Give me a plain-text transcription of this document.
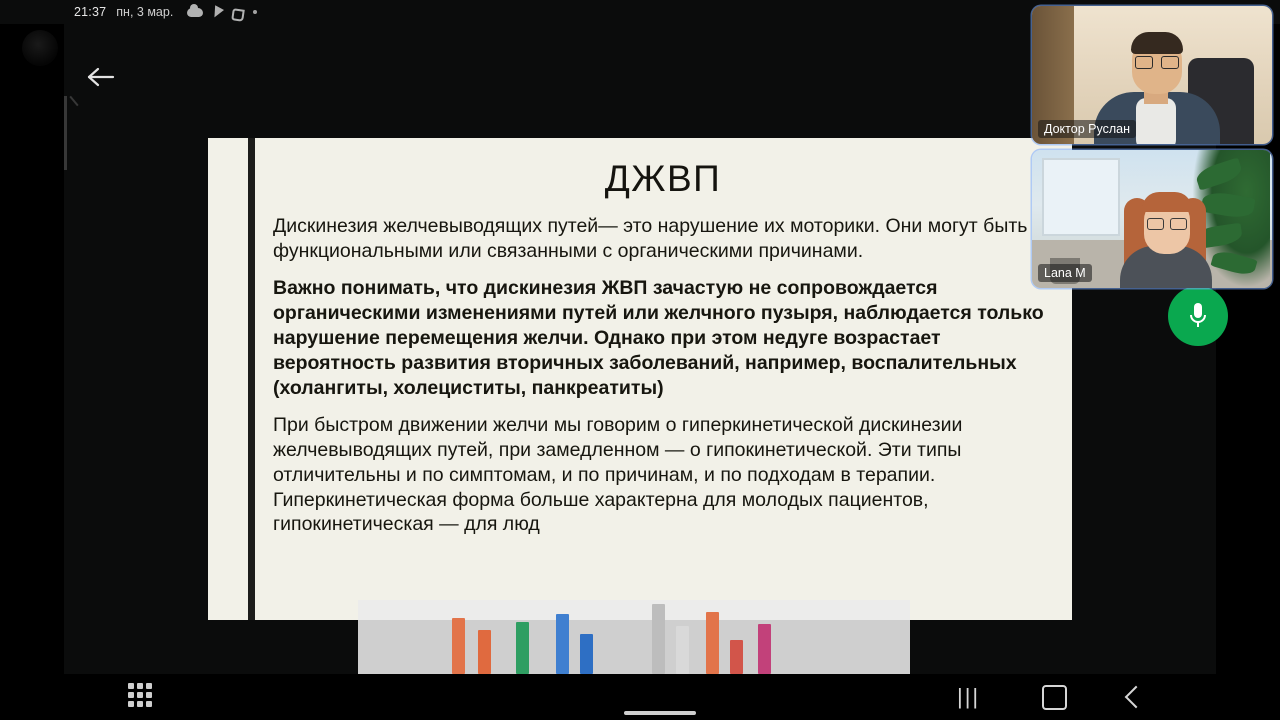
21:37 пн, 3 мар.
ДЖВП

Дискинезия желчевыводящих путей— это нарушение их моторики. Они могут быть функциональными или связанными с органическими причинами.

Важно понимать, что дискинезия ЖВП зачастую не сопровождается органическими изменениями путей или желчного пузыря, наблюдается только нарушение перемещения желчи. Однако при этом недуге возрастает вероятность развития вторичных заболеваний, например, воспалительных (холангиты, холециститы, панкреатиты)

При быстром движении желчи мы говорим о гиперкинетической дискинезии желчевыводящих путей, при замедленном — о гипокинетической. Эти типы отличительны и по симптомам, и по причинам, и по подходам в терапии. Гиперкинетическая форма больше характерна для молодых пациентов, гипокинетическая — для люд

Доктор Руслан
Lana M
|||
